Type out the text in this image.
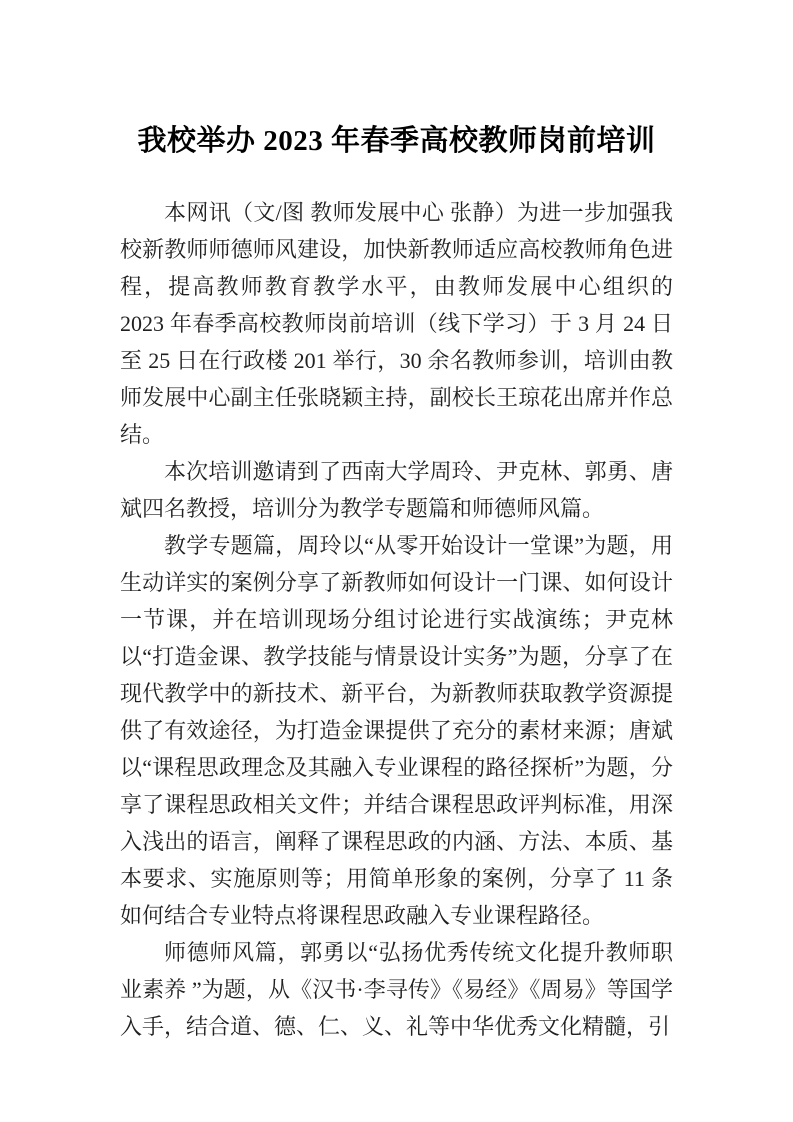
我校举办 2023 年春季高校教师岗前培训

本网讯（文/图 教师发展中心 张静）为进一步加强我校新教师师德师风建设，加快新教师适应高校教师角色进程，提高教师教育教学水平，由教师发展中心组织的 2023 年春季高校教师岗前培训（线下学习）于 3 月 24 日至 25 日在行政楼 201 举行，30 余名教师参训，培训由教师发展中心副主任张晓颖主持，副校长王琼花出席并作总结。

本次培训邀请到了西南大学周玲、尹克林、郭勇、唐斌四名教授，培训分为教学专题篇和师德师风篇。

教学专题篇，周玲以“从零开始设计一堂课”为题，用生动详实的案例分享了新教师如何设计一门课、如何设计一节课，并在培训现场分组讨论进行实战演练；尹克林以“打造金课、教学技能与情景设计实务”为题，分享了在现代教学中的新技术、新平台，为新教师获取教学资源提供了有效途径，为打造金课提供了充分的素材来源；唐斌以“课程思政理念及其融入专业课程的路径探析”为题，分享了课程思政相关文件；并结合课程思政评判标准，用深入浅出的语言，阐释了课程思政的内涵、方法、本质、基本要求、实施原则等；用简单形象的案例，分享了 11 条如何结合专业特点将课程思政融入专业课程路径。

师德师风篇，郭勇以“弘扬优秀传统文化提升教师职业素养 ”为题，从《汉书·李寻传》《易经》《周易》等国学入手，结合道、德、仁、义、礼等中华优秀文化精髓，引
